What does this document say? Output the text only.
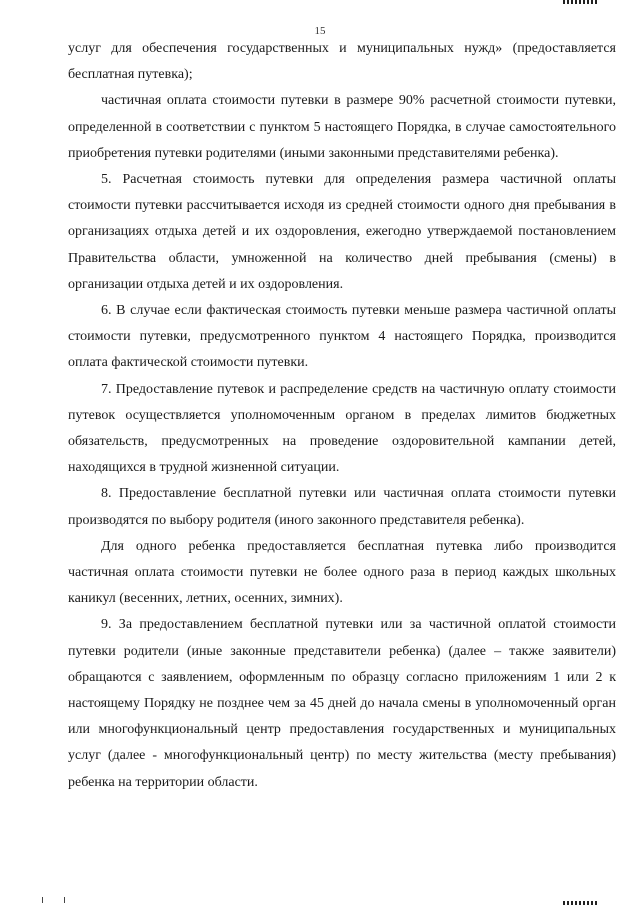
15

услуг для обеспечения государственных и муниципальных нужд» (предоставляется бесплатная путевка);

частичная оплата стоимости путевки в размере 90% расчетной стоимости путевки, определенной в соответствии с пунктом 5 настоящего Порядка, в случае самостоятельного приобретения путевки родителями (иными законными представителями ребенка).

5. Расчетная стоимость путевки для определения размера частичной оплаты стоимости путевки рассчитывается исходя из средней стоимости одного дня пребывания в организациях отдыха детей и их оздоровления, ежегодно утверждаемой постановлением Правительства области, умноженной на количество дней пребывания (смены) в организации отдыха детей и их оздоровления.

6. В случае если фактическая стоимость путевки меньше размера частичной оплаты стоимости путевки, предусмотренного пунктом 4 настоящего Порядка, производится оплата фактической стоимости путевки.

7. Предоставление путевок и распределение средств на частичную оплату стоимости путевок осуществляется уполномоченным органом в пределах лимитов бюджетных обязательств, предусмотренных на проведение оздоровительной кампании детей, находящихся в трудной жизненной ситуации.

8. Предоставление бесплатной путевки или частичная оплата стоимости путевки производятся по выбору родителя (иного законного представителя ребенка).

Для одного ребенка предоставляется бесплатная путевка либо производится частичная оплата стоимости путевки не более одного раза в период каждых школьных каникул (весенних, летних, осенних, зимних).

9. За предоставлением бесплатной путевки или за частичной оплатой стоимости путевки родители (иные законные представители ребенка) (далее – также заявители) обращаются с заявлением, оформленным по образцу согласно приложениям 1 или 2 к настоящему Порядку не позднее чем за 45 дней до начала смены в уполномоченный орган или многофункциональный центр предоставления государственных и муниципальных услуг (далее - многофункциональный центр) по месту жительства (месту пребывания) ребенка на территории области.
